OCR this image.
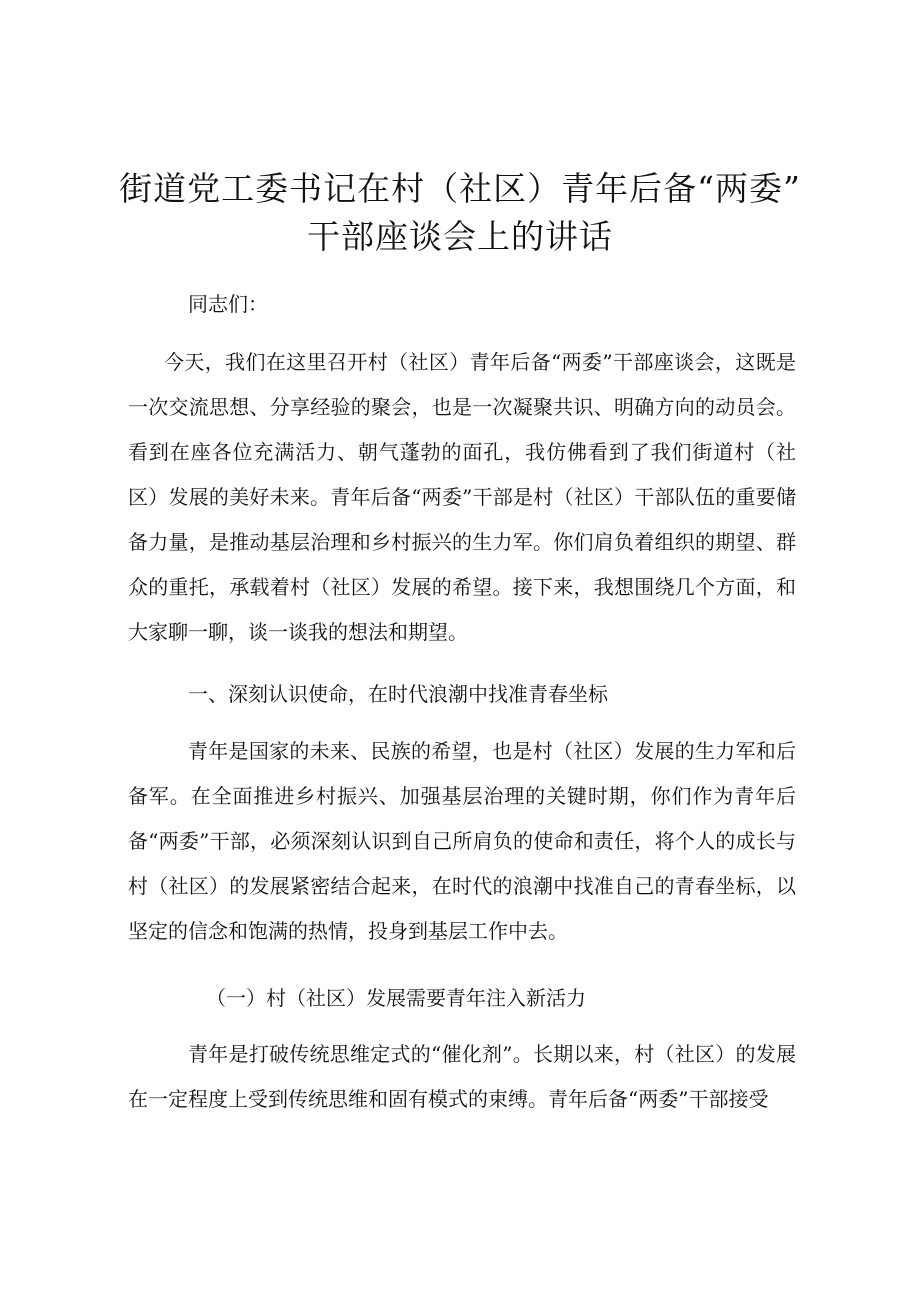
街道党工委书记在村（社区）青年后备“两委”
干部座谈会上的讲话
同志们：
今天，我们在这里召开村（社区）青年后备“两委”干部座谈会，这既是一次交流思想、分享经验的聚会，也是一次凝聚共识、明确方向的动员会。看到在座各位充满活力、朝气蓬勃的面孔，我仿佛看到了我们街道村（社区）发展的美好未来。青年后备“两委”干部是村（社区）干部队伍的重要储备力量，是推动基层治理和乡村振兴的生力军。你们肩负着组织的期望、群众的重托，承载着村（社区）发展的希望。接下来，我想围绕几个方面，和大家聊一聊，谈一谈我的想法和期望。
一、深刻认识使命，在时代浪潮中找准青春坐标
青年是国家的未来、民族的希望，也是村（社区）发展的生力军和后备军。在全面推进乡村振兴、加强基层治理的关键时期，你们作为青年后备“两委”干部，必须深刻认识到自己所肩负的使命和责任，将个人的成长与村（社区）的发展紧密结合起来，在时代的浪潮中找准自己的青春坐标，以坚定的信念和饱满的热情，投身到基层工作中去。
（一）村（社区）发展需要青年注入新活力
青年是打破传统思维定式的“催化剂”。长期以来，村（社区）的发展在一定程度上受到传统思维和固有模式的束缚。青年后备“两委”干部接受
